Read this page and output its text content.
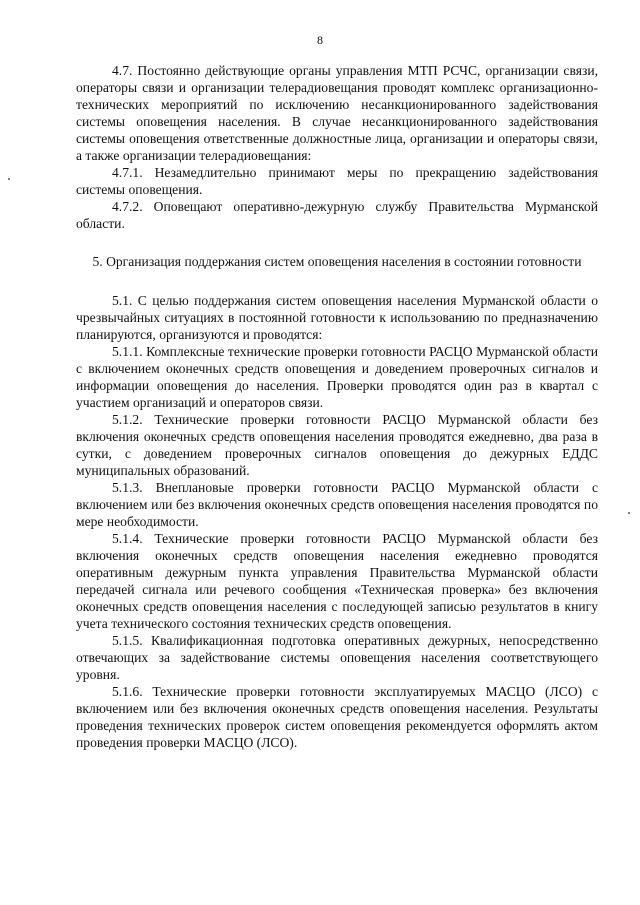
8

4.7. Постоянно действующие органы управления МТП РСЧС, организации связи, операторы связи и организации телерадиовещания проводят комплекс организационно-технических мероприятий по исключению несанкционированного задействования системы оповещения населения. В случае несанкционированного задействования системы оповещения ответственные должностные лица, организации и операторы связи, а также организации телерадиовещания:

4.7.1. Незамедлительно принимают меры по прекращению задействования системы оповещения.

4.7.2. Оповещают оперативно-дежурную службу Правительства Мурманской области.

5. Организация поддержания систем оповещения населения в состоянии готовности

5.1. С целью поддержания систем оповещения населения Мурманской области о чрезвычайных ситуациях в постоянной готовности к использованию по предназначению планируются, организуются и проводятся:

5.1.1. Комплексные технические проверки готовности РАСЦО Мурманской области с включением оконечных средств оповещения и доведением проверочных сигналов и информации оповещения до населения. Проверки проводятся один раз в квартал с участием организаций и операторов связи.

5.1.2. Технические проверки готовности РАСЦО Мурманской области без включения оконечных средств оповещения населения проводятся ежедневно, два раза в сутки, с доведением проверочных сигналов оповещения до дежурных ЕДДС муниципальных образований.

5.1.3. Внеплановые проверки готовности РАСЦО Мурманской области с включением или без включения оконечных средств оповещения населения проводятся по мере необходимости.

5.1.4. Технические проверки готовности РАСЦО Мурманской области без включения оконечных средств оповещения населения ежедневно проводятся оперативным дежурным пункта управления Правительства Мурманской области передачей сигнала или речевого сообщения «Техническая проверка» без включения оконечных средств оповещения населения с последующей записью результатов в книгу учета технического состояния технических средств оповещения.

5.1.5. Квалификационная подготовка оперативных дежурных, непосредственно отвечающих за задействование системы оповещения населения соответствующего уровня.

5.1.6. Технические проверки готовности эксплуатируемых МАСЦО (ЛСО) с включением или без включения оконечных средств оповещения населения. Результаты проведения технических проверок систем оповещения рекомендуется оформлять актом проведения проверки МАСЦО (ЛСО).
